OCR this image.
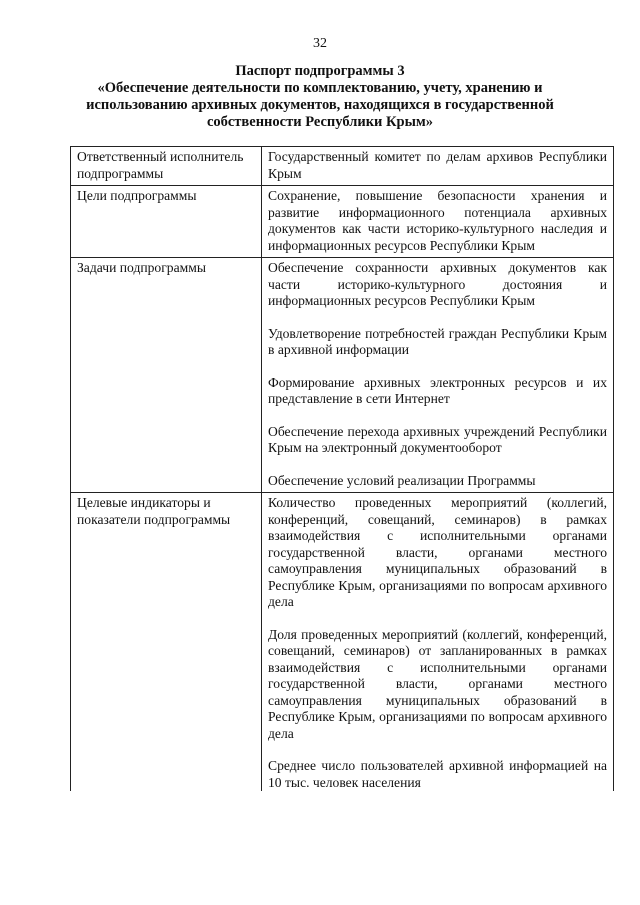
32
Паспорт подпрограммы 3
«Обеспечение деятельности по комплектованию, учету, хранению и
использованию архивных документов, находящихся в государственной
собственности Республики Крым»
Ответственный исполнитель подпрограммы	Государственный комитет по делам архивов Республики Крым

Цели подпрограммы	Сохранение, повышение безопасности хранения и развитие информационного потенциала архивных документов как части историко-культурного наследия и информационных ресурсов Республики Крым

Задачи подпрограммы	Обеспечение сохранности архивных документов как части историко-культурного достояния и информационных ресурсов Республики Крым

Удовлетворение потребностей граждан Республики Крым в архивной информации

Формирование архивных электронных ресурсов и их представление в сети Интернет

Обеспечение перехода архивных учреждений Республики Крым на электронный документооборот

Обеспечение условий реализации Программы

Целевые индикаторы и показатели подпрограммы	Количество проведенных мероприятий (коллегий, конференций, совещаний, семинаров) в рамках взаимодействия с исполнительными органами государственной власти, органами местного самоуправления муниципальных образований в Республике Крым, организациями по вопросам архивного дела

Доля проведенных мероприятий (коллегий, конференций, совещаний, семинаров) от запланированных в рамках взаимодействия с исполнительными органами государственной власти, органами местного самоуправления муниципальных образований в Республике Крым, организациями по вопросам архивного дела

Среднее число пользователей архивной информацией на 10 тыс. человек населения
